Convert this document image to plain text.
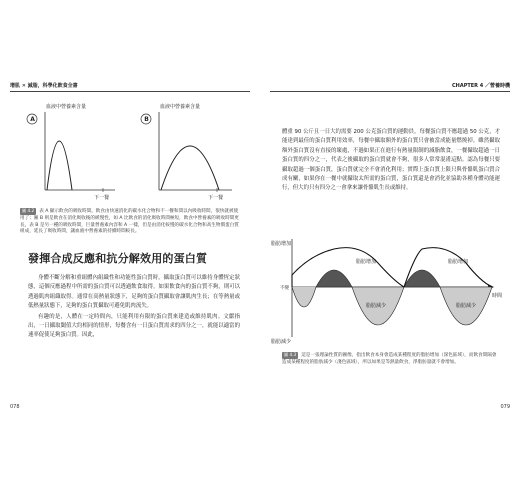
增肌 ✕ 減脂，科學化飲食全書
血液中營養素含量
A
下一餐
血液中營養素含量
B
下一餐
圖 4.2 表 A 顯示飲食的吸收時間。飲食由快速消化的碳水化合物和不一餐和間以內吸收時間，很快就被使用了；圖 B 則是飲食在消化吸收後的緩慢性，如 A 比飲食的消化吸收時間極短，飲食中營養素的吸收時間更長，表 B 是另一種的吸收時間，巨量營養素內容和 A 一樣，但是由消化較慢的碳水化合物和高生物價蛋白質組成，延長了吸收時間，讓血液中營養素的持續時間較長。
發揮合成反應和抗分解效用的蛋白質

身體不斷分解和重組體內組織性和功能性蛋白質時，攝取蛋白質可以維持身體恆定狀態，這個反應過程中所需的蛋白質可以透過飲食取得。如果飲食內的蛋白質不夠，則可以透過肌肉組織取得。通常在高熱量狀態下，足夠的蛋白質攝取會讓肌肉生長；在等熱量或低熱量狀態下，足夠的蛋白質攝取可避免肌肉流失。

有趣的是，人體在一定時間內，只能利用有限的蛋白質來建造或維持肌肉。文獻指出，一日攝取閾值大約相同的情形，每餐含有一日蛋白質需求的四分之一，就能以適當的速率促使足夠蛋白質。因此，

078
CHAPTER 4 ／營養時機

體重 90 公斤且一日大約需要 200 公克蛋白質的運動員，每餐蛋白質不應超過 50 公克，才能達到最佳的蛋白質利用效率，每餐中攝取額外的蛋白質只會被當成能量燃燒掉。雖然攝取額外蛋白質沒有直接的壞處，不過如果正在進行有熱量限制的減脂飲食，一餐攝取超過一日蛋白質的四分之一，代表之後攝取的蛋白質就會不夠，很多人常常混淆這點。認為每餐只要攝取超過一個蛋白質，蛋白質就完全不會消化利用；實際上蛋白質上限只與骨骼肌蛋白質合成有關，如果你在一餐中就攝取太所需的蛋白質，蛋白質還是會消化並協助各種身體功能運行，但大約只有四分之一會拿來讓骨骼肌生長或維持。

脂肪增加
脂肪減少
不變
時間
脂肪增加	脂肪增加
脂肪減少	脂肪減少
圖 4.3 這是一張理論性質的圖像，指出飲食本身會造成某種程度的脂肪增加（深色區域），而飲食間隔會造成某種程度的脂肪減少（淺色區域），所以如果是等熱量飲食，淨脂肪量就不會增加。
079
